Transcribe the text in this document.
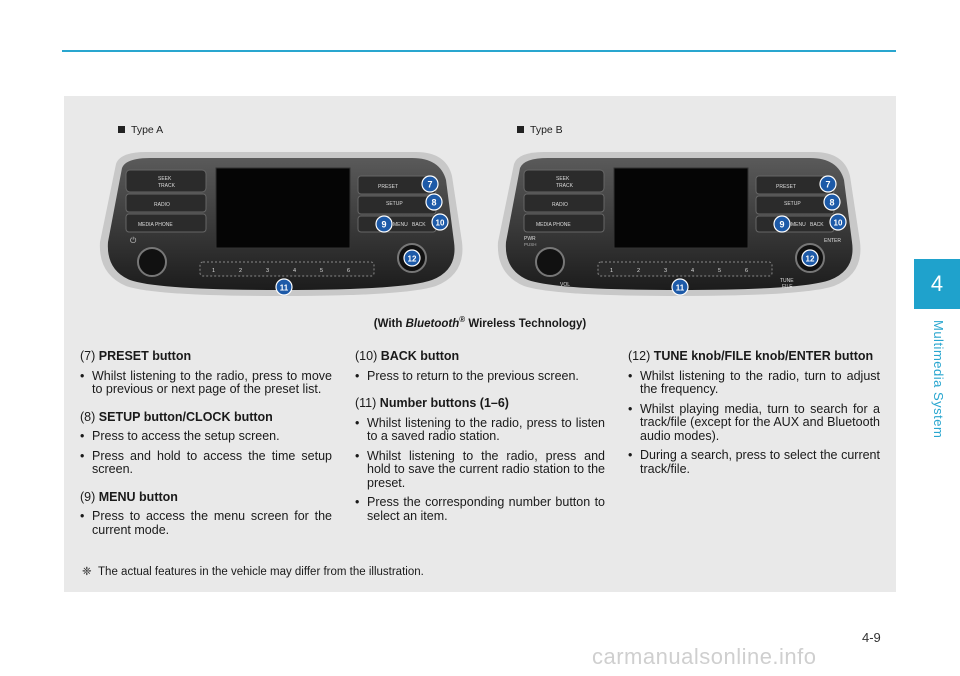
4
Multimedia System
Type A	Type B
SEEK
TRACK
RADIO
MEDIA PHONE
⏻
PRESET
SETUP
MENU BACK
1	2	3	4	5	6
7
8
9	10
11
12
SEEK
TRACK
RADIO
MEDIA PHONE
PWR
PUSH
VOL
PRESET
SETUP
MENU BACK
ENTER
TUNE
FILE
1	2	3	4	5	6
7
8
9	10
11
12
(With Bluetooth® Wireless Technology)
(7) PRESET button
• Whilst listening to the radio, press to move to previous or next page of the preset list.
(8) SETUP button/CLOCK button
• Press to access the setup screen.
• Press and hold to access the time setup screen.
(9) MENU button
• Press to access the menu screen for the current mode.
(10) BACK button
• Press to return to the previous screen.
(11) Number buttons (1–6)
• Whilst listening to the radio, press to listen to a saved radio station.
• Whilst listening to the radio, press and hold to save the current radio station to the preset.
• Press the corresponding number button to select an item.
(12) TUNE knob/FILE knob/ENTER button
• Whilst listening to the radio, turn to adjust the frequency.
• Whilst playing media, turn to search for a track/file (except for the AUX and Bluetooth audio modes).
• During a search, press to select the current track/file.
❈ The actual features in the vehicle may differ from the illustration.
4-9
carmanualsonline.info
